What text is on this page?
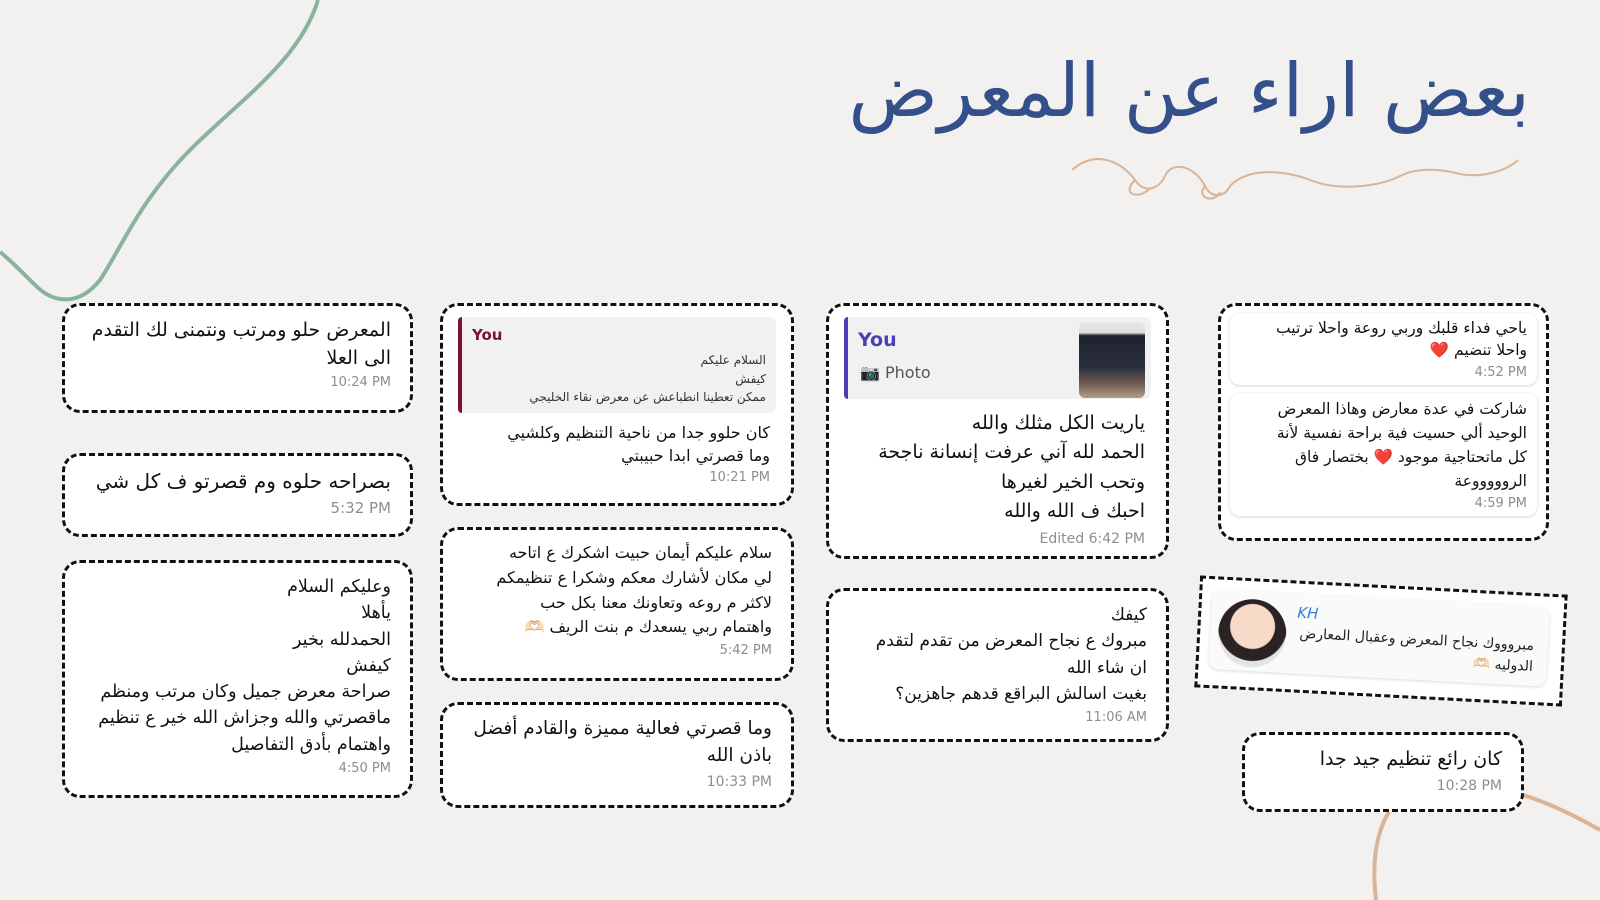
بعض اراء عن المعرض
المعرض حلو ومرتب ونتمنى لك التقدم
الى العلا
10:24 PM
بصراحه حلوه وم قصرتو ف كل شي
5:32 PM
وعليكم السلام
يأهلا
الحمدلله بخير
كيفش
صراحة معرض جميل وكان مرتب ومنظم
ماقصرتي والله وجزاش الله خير ع تنظيم
واهتمام بأدق التفاصيل
4:50 PM
You
السلام عليكم
كيفش
ممكن تعطينا انطباعش عن معرض نقاء الخليجي
كان حلوو جدا من ناحية التنظيم وكلشيي
وما قصرتي ابدا حبيبتي
10:21 PM
سلام عليكم أيمان حبيت اشكرك ع اتاحه
لي مكان لأشارك معكم وشكرا ع تنظيمكم
لاكثر م روعه وتعاونك معنا بكل حب
واهتمام ربي يسعدك م بنت الريف 🫶🏻
5:42 PM
وما قصرتي فعالية مميزة والقادم أفضل
باذن الله
10:33 PM
You
📷 Photo
ياريت الكل مثلك والله
الحمد لله آني عرفت إنسانة ناجحة
وتحب الخير لغيرها
احبك ف الله والله
Edited 6:42 PM
كيفك
مبروك ع نجاح المعرض من تقدم لتقدم
ان شاء الله
بغيت اسالش البراقع قدهم جاهزين؟
11:06 AM
ياحي فداء قلبك وربي روعة واحلا ترتيب
واحلا تنضيم ❤️
4:52 PM
شاركت في عدة معارض وهاذا المعرض
الوحيد ألي حسيت فية براحة نفسية لأنة
كل ماتحتاجية موجود ❤️ بختصار فاق
الروووووعة
4:59 PM
KH
مبروووك نجاح المعرض وعقبال المعارض
الدوليه 🫶🏻
كان رائع تنظيم جيد جدا
10:28 PM
